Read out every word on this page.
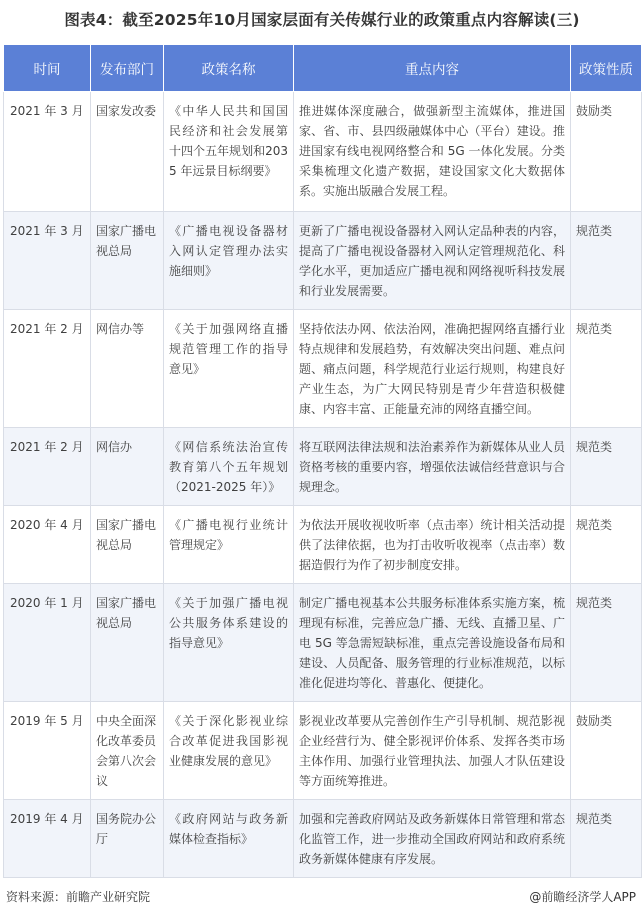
图表4：截至2025年10月国家层面有关传媒行业的政策重点内容解读(三)
时间	发布部门	政策名称	重点内容	政策性质
2021 年 3 月	国家发改委	《中华人民共和国国民经济和社会发展第十四个五年规划和2035 年远景目标纲要》	推进媒体深度融合，做强新型主流媒体，推进国家、省、市、县四级融媒体中心（平台）建设。推进国家有线电视网络整合和 5G 一体化发展。分类采集梳理文化遗产数据，建设国家文化大数据体系。实施出版融合发展工程。	鼓励类
2021 年 3 月	国家广播电视总局	《广播电视设备器材入网认定管理办法实施细则》	更新了广播电视设备器材入网认定品种表的内容，提高了广播电视设备器材入网认定管理规范化、科学化水平，更加适应广播电视和网络视听科技发展和行业发展需要。	规范类
2021 年 2 月	网信办等	《关于加强网络直播规范管理工作的指导意见》	坚持依法办网、依法治网，准确把握网络直播行业特点规律和发展趋势，有效解决突出问题、难点问题、痛点问题，科学规范行业运行规则，构建良好产业生态，为广大网民特别是青少年营造积极健康、内容丰富、正能量充沛的网络直播空间。	规范类
2021 年 2 月	网信办	《网信系统法治宣传教育第八个五年规划（2021-2025 年）》	将互联网法律法规和法治素养作为新媒体从业人员资格考核的重要内容，增强依法诚信经营意识与合规理念。	规范类
2020 年 4 月	国家广播电视总局	《广播电视行业统计管理规定》	为依法开展收视收听率（点击率）统计相关活动提供了法律依据，也为打击收听收视率（点击率）数据造假行为作了初步制度安排。	规范类
2020 年 1 月	国家广播电视总局	《关于加强广播电视公共服务体系建设的指导意见》	制定广播电视基本公共服务标准体系实施方案，梳理现有标准，完善应急广播、无线、直播卫星、广电 5G 等急需短缺标准，重点完善设施设备布局和建设、人员配备、服务管理的行业标准规范，以标准化促进均等化、普惠化、便捷化。	规范类
2019 年 5 月	中央全面深化改革委员会第八次会议	《关于深化影视业综合改革促进我国影视业健康发展的意见》	影视业改革要从完善创作生产引导机制、规范影视企业经营行为、健全影视评价体系、发挥各类市场主体作用、加强行业管理执法、加强人才队伍建设等方面统筹推进。	鼓励类
2019 年 4 月	国务院办公厅	《政府网站与政务新媒体检查指标》	加强和完善政府网站及政务新媒体日常管理和常态化监管工作，进一步推动全国政府网站和政府系统政务新媒体健康有序发展。	规范类
资料来源：前瞻产业研究院	@前瞻经济学人APP
